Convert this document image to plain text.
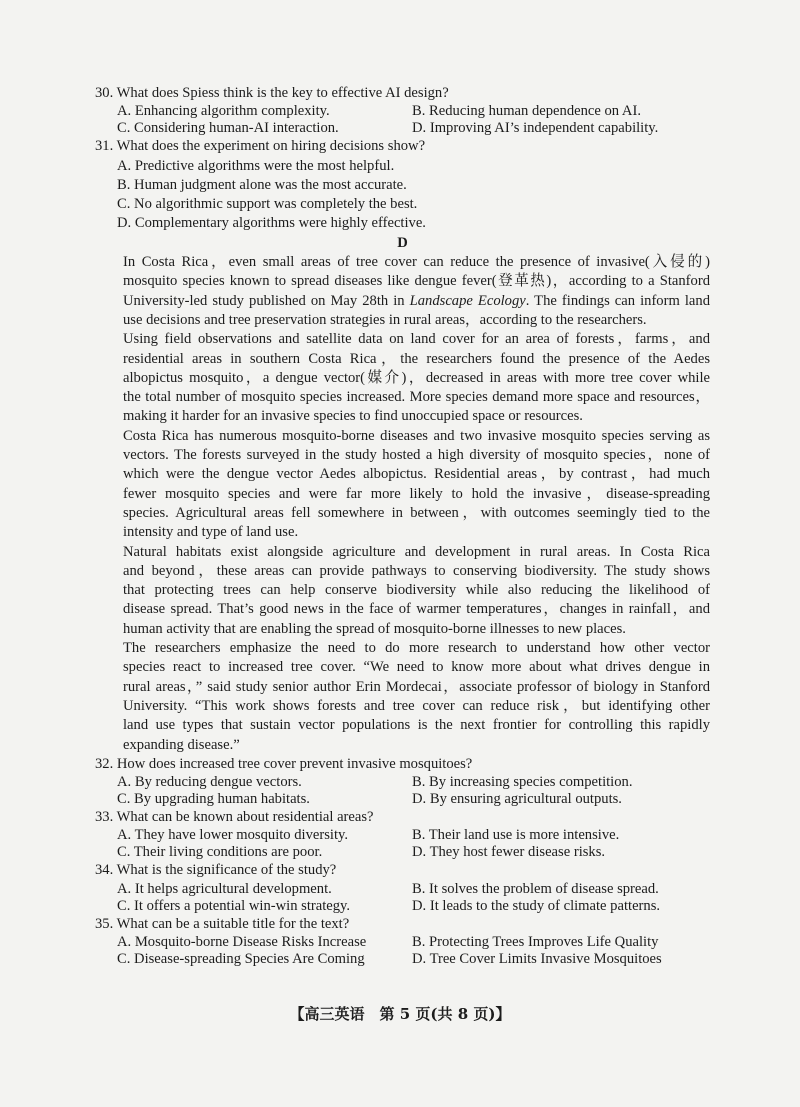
30. What does Spiess think is the key to effective AI design?
A. Enhancing algorithm complexity.	B. Reducing human dependence on AI.
C. Considering human-AI interaction.	D. Improving AI’s independent capability.
31. What does the experiment on hiring decisions show?
A. Predictive algorithms were the most helpful.
B. Human judgment alone was the most accurate.
C. No algorithmic support was completely the best.
D. Complementary algorithms were highly effective.
D
In Costa Rica，even small areas of tree cover can reduce the presence of invasive(入侵的)
mosquito species known to spread diseases like dengue fever(登革热)，according to a Stanford
University-led study published on May 28th in Landscape Ecology. The findings can inform land
use decisions and tree preservation strategies in rural areas，according to the researchers.
Using field observations and satellite data on land cover for an area of forests，farms，and
residential areas in southern Costa Rica，the researchers found the presence of the Aedes
albopictus mosquito，a dengue vector(媒介)，decreased in areas with more tree cover while
the total number of mosquito species increased. More species demand more space and resources，
making it harder for an invasive species to find unoccupied space or resources.
Costa Rica has numerous mosquito-borne diseases and two invasive mosquito species serving as
vectors. The forests surveyed in the study hosted a high diversity of mosquito species，none of
which were the dengue vector Aedes albopictus. Residential areas，by contrast，had much
fewer mosquito species and were far more likely to hold the invasive，disease-spreading
species. Agricultural areas fell somewhere in between，with outcomes seemingly tied to the
intensity and type of land use.
Natural habitats exist alongside agriculture and development in rural areas. In Costa Rica
and beyond，these areas can provide pathways to conserving biodiversity. The study shows
that protecting trees can help conserve biodiversity while also reducing the likelihood of
disease spread. That’s good news in the face of warmer temperatures，changes in rainfall，and
human activity that are enabling the spread of mosquito-borne illnesses to new places.
The researchers emphasize the need to do more research to understand how other vector
species react to increased tree cover. “We need to know more about what drives dengue in
rural areas，” said study senior author Erin Mordecai，associate professor of biology in Stanford
University. “This work shows forests and tree cover can reduce risk，but identifying other
land use types that sustain vector populations is the next frontier for controlling this rapidly
expanding disease.”
32. How does increased tree cover prevent invasive mosquitoes?
A. By reducing dengue vectors.	B. By increasing species competition.
C. By upgrading human habitats.	D. By ensuring agricultural outputs.
33. What can be known about residential areas?
A. They have lower mosquito diversity.	B. Their land use is more intensive.
C. Their living conditions are poor.	D. They host fewer disease risks.
34. What is the significance of the study?
A. It helps agricultural development.	B. It solves the problem of disease spread.
C. It offers a potential win-win strategy.	D. It leads to the study of climate patterns.
35. What can be a suitable title for the text?
A. Mosquito-borne Disease Risks Increase	B. Protecting Trees Improves Life Quality
C. Disease-spreading Species Are Coming	D. Tree Cover Limits Invasive Mosquitoes
【高三英语　第 5 页(共 8 页)】
